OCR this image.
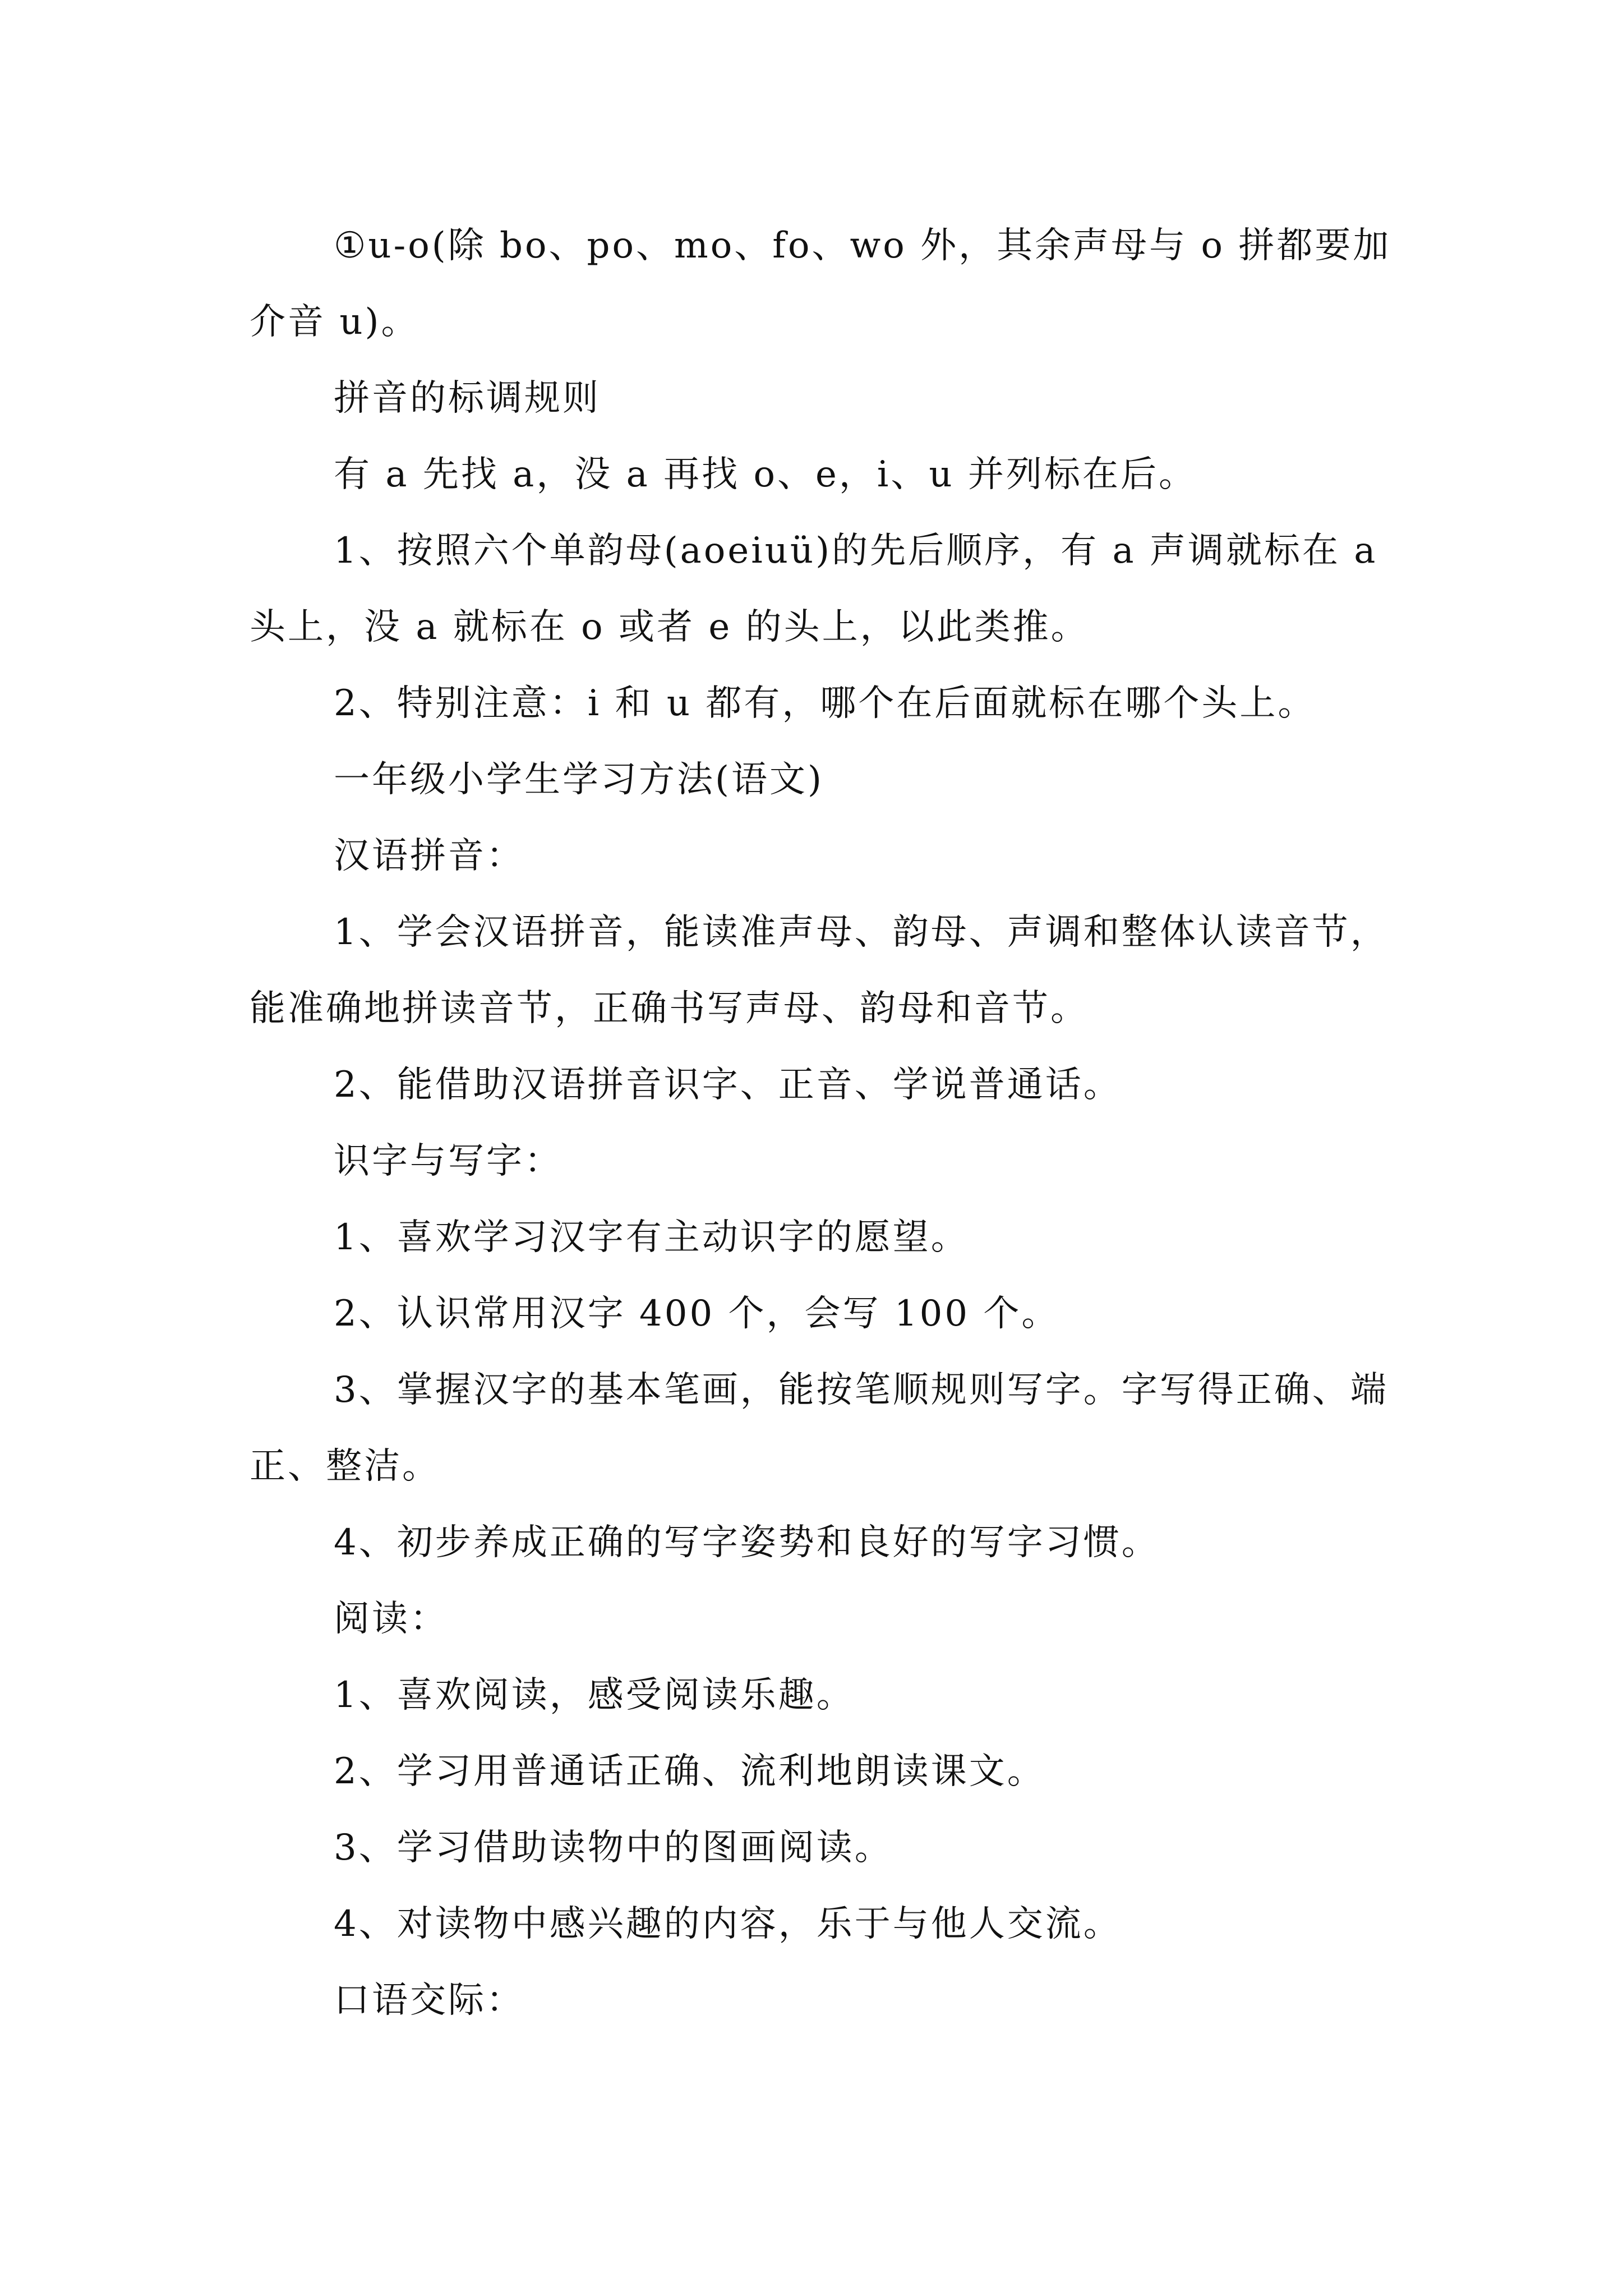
①u-o(除 bo、po、mo、fo、wo 外，其余声母与 o 拼都要加介音 u)。

拼音的标调规则

有 a 先找 a，没 a 再找 o、e，i、u 并列标在后。

1、按照六个单韵母(aoeiuü)的先后顺序，有 a 声调就标在 a 头上，没 a 就标在 o 或者 e 的头上，以此类推。

2、特别注意：i 和 u 都有，哪个在后面就标在哪个头上。

一年级小学生学习方法(语文)

汉语拼音：

1、学会汉语拼音，能读准声母、韵母、声调和整体认读音节，能准确地拼读音节，正确书写声母、韵母和音节。

2、能借助汉语拼音识字、正音、学说普通话。

识字与写字：

1、喜欢学习汉字有主动识字的愿望。

2、认识常用汉字 400 个，会写 100 个。

3、掌握汉字的基本笔画，能按笔顺规则写字。字写得正确、端正、整洁。

4、初步养成正确的写字姿势和良好的写字习惯。

阅读：

1、喜欢阅读，感受阅读乐趣。

2、学习用普通话正确、流利地朗读课文。

3、学习借助读物中的图画阅读。

4、对读物中感兴趣的内容，乐于与他人交流。

口语交际：
